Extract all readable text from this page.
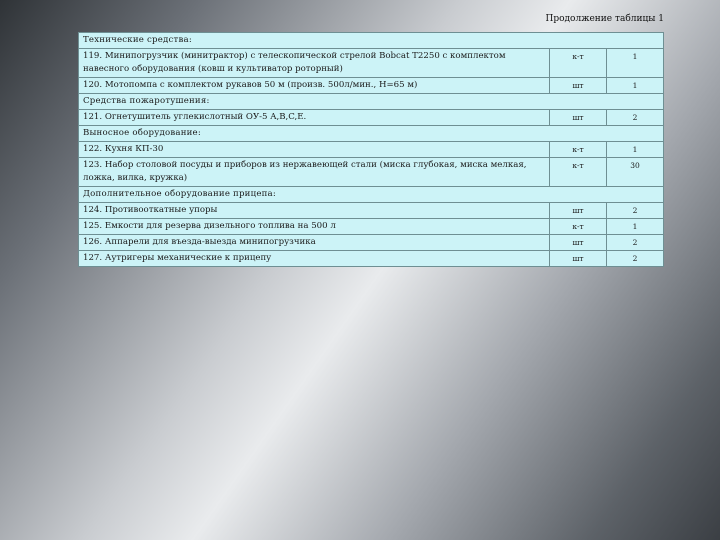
Продолжение таблицы 1
Технические средства:		
119. Минипогрузчик (минитрактор) с телескопической стрелой Bobcat T2250 с комплектом навесного оборудования (ковш и культиватор роторный)	к-т	1
120. Мотопомпа с комплектом рукавов 50 м (произв. 500л/мин., H=65 м)	шт	1
Средства пожаротушения:		
121. Огнетушитель углекислотный OУ-5 A,B,C,E.	шт	2
Выносное оборудование:		
122. Кухня КП-30	к-т	1
123. Набор столовой посуды и приборов из нержавеющей стали (миска глубокая, миска мелкая, ложка, вилка, кружка)	к-т	30
Дополнительное оборудование прицепа:		
124. Противооткатные упоры	шт	2
125. Емкости для резерва дизельного топлива на 500 л	к-т	1
126. Аппарели для въезда-выезда минипогрузчика	шт	2
127. Аутригеры механические к прицепу	шт	2
